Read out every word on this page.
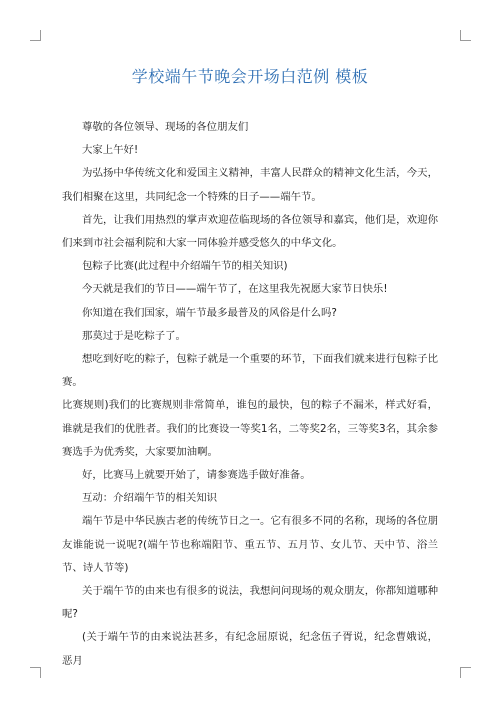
学校端午节晚会开场白范例 模板

尊敬的各位领导、现场的各位朋友们

大家上午好!

为弘扬中华传统文化和爱国主义精神，丰富人民群众的精神文化生活，今天，我们相聚在这里，共同纪念一个特殊的日子——端午节。

首先，让我们用热烈的掌声欢迎莅临现场的各位领导和嘉宾，他们是，欢迎你们来到市社会福利院和大家一同体验并感受悠久的中华文化。

包粽子比赛(此过程中介绍端午节的相关知识)

今天就是我们的节日——端午节了，在这里我先祝愿大家节日快乐!

你知道在我们国家，端午节最多最普及的风俗是什么吗?

那莫过于是吃粽子了。

想吃到好吃的粽子，包粽子就是一个重要的环节，下面我们就来进行包粽子比赛。

比赛规则)我们的比赛规则非常简单，谁包的最快，包的粽子不漏米，样式好看，谁就是我们的优胜者。我们的比赛设一等奖1名，二等奖2名，三等奖3名，其余参赛选手为优秀奖，大家要加油啊。

好，比赛马上就要开始了，请参赛选手做好准备。

互动：介绍端午节的相关知识

端午节是中华民族古老的传统节日之一。它有很多不同的名称，现场的各位朋友谁能说一说呢?(端午节也称端阳节、重五节、五月节、女儿节、天中节、浴兰节、诗人节等)

关于端午节的由来也有很多的说法，我想问问现场的观众朋友，你都知道哪种呢?

(关于端午节的由来说法甚多，有纪念屈原说，纪念伍子胥说，纪念曹娥说，恶月
